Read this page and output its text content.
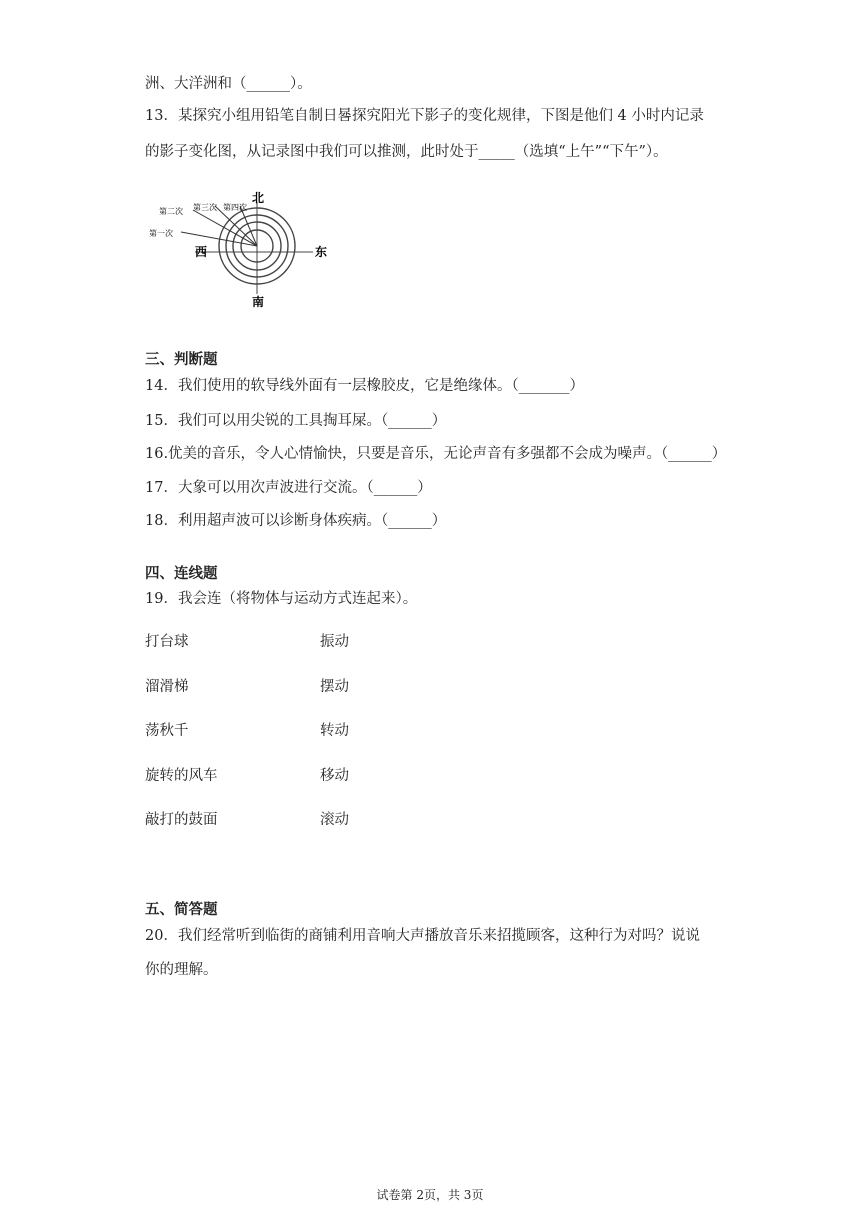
洲、大洋洲和（______）。
13．某探究小组用铅笔自制日晷探究阳光下影子的变化规律，下图是他们 4 小时内记录
的影子变化图，从记录图中我们可以推测，此时处于_____（选填“上午”“下午”）。
北
南
东
西
第一次
第二次 第三次 第四次
三、判断题
14．我们使用的软导线外面有一层橡胶皮，它是绝缘体。（_______）
15．我们可以用尖锐的工具掏耳屎。（______）
16.优美的音乐，令人心情愉快，只要是音乐，无论声音有多强都不会成为噪声。（______）
17．大象可以用次声波进行交流。（______）
18．利用超声波可以诊断身体疾病。（______）
四、连线题
19．我会连（将物体与运动方式连起来）。
打台球	振动
溜滑梯	摆动
荡秋千	转动
旋转的风车	移动
敲打的鼓面	滚动
五、简答题
20．我们经常听到临街的商铺利用音响大声播放音乐来招揽顾客，这种行为对吗？说说
你的理解。
试卷第 2页，共 3页
